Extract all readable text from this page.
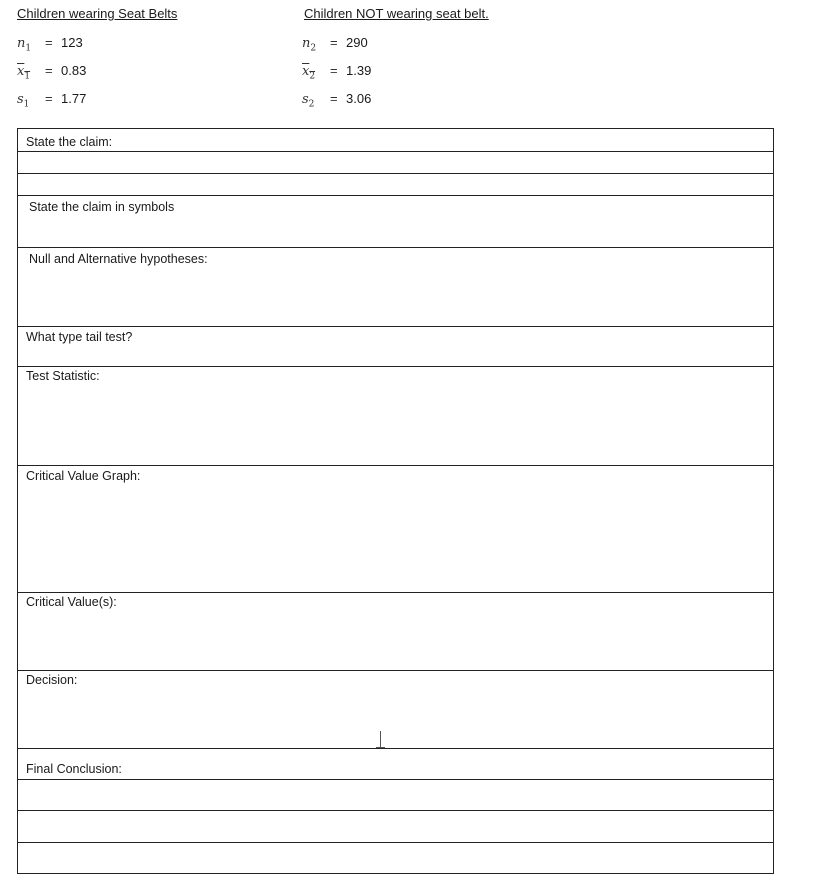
Children wearing Seat Belts
$n_1$	= 123
$x_1$	= 0.83
$s_1$	= 1.77
Children NOT wearing seat belt.
$n_2$	= 290
$x_2$	= 1.39
$s_2$	= 3.06
State the claim:
State the claim in symbols
Null and Alternative hypotheses:
What type tail test?
Test Statistic:
Critical Value Graph:
Critical Value(s):
Decision:
Final Conclusion:
